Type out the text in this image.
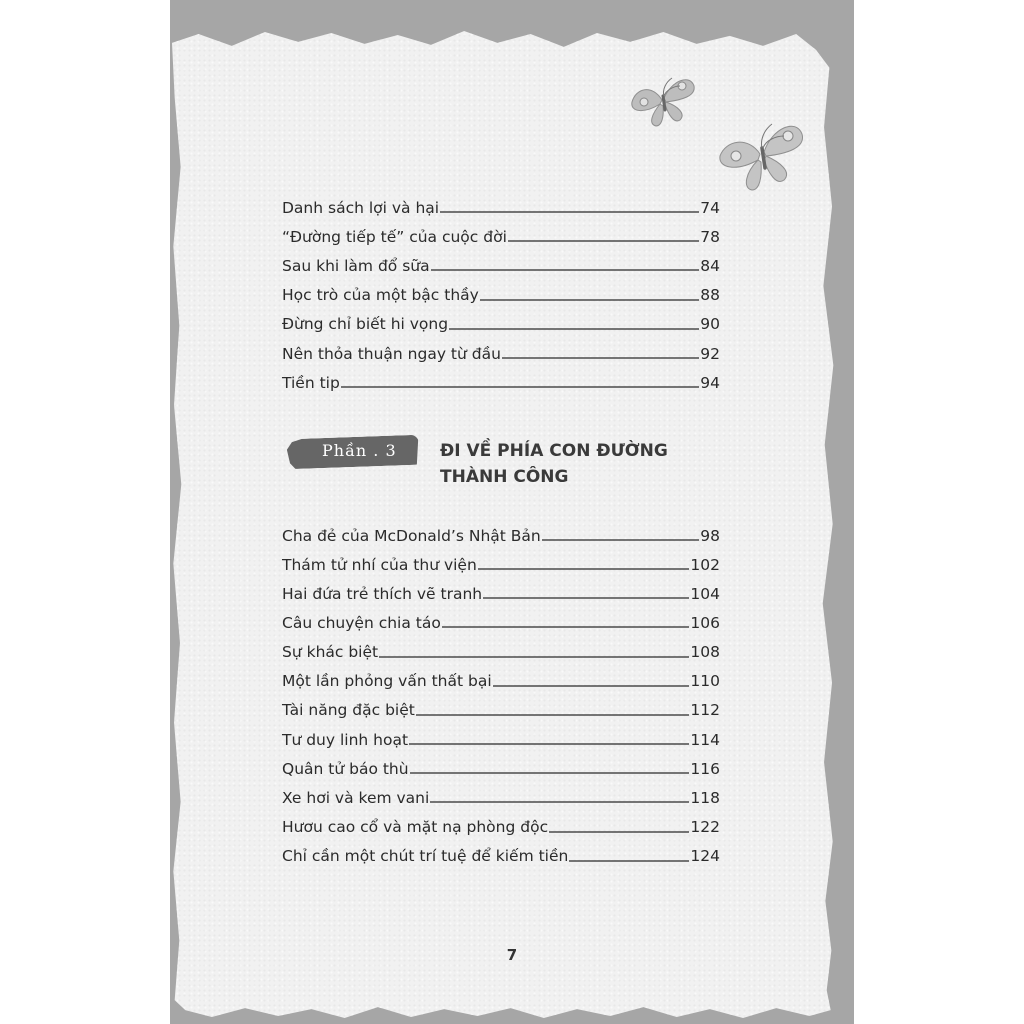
Danh sách lợi và hại	74
“Đường tiếp tế” của cuộc đời	78
Sau khi làm đổ sữa	84
Học trò của một bậc thầy	88
Đừng chỉ biết hi vọng	90
Nên thỏa thuận ngay từ đầu	92
Tiền tip	94
Cha đẻ của McDonald’s Nhật Bản	98
Thám tử nhí của thư viện	102
Hai đứa trẻ thích vẽ tranh	104
Câu chuyện chia táo	106
Sự khác biệt	108
Một lần phỏng vấn thất bại	110
Tài năng đặc biệt	112
Tư duy linh hoạt	114
Quân tử báo thù	116
Xe hơi và kem vani	118
Hươu cao cổ và mặt nạ phòng độc	122
Chỉ cần một chút trí tuệ để kiếm tiền	124
Phần . 3	ĐI VỀ PHÍA CON ĐƯỜNG
THÀNH CÔNG
7
